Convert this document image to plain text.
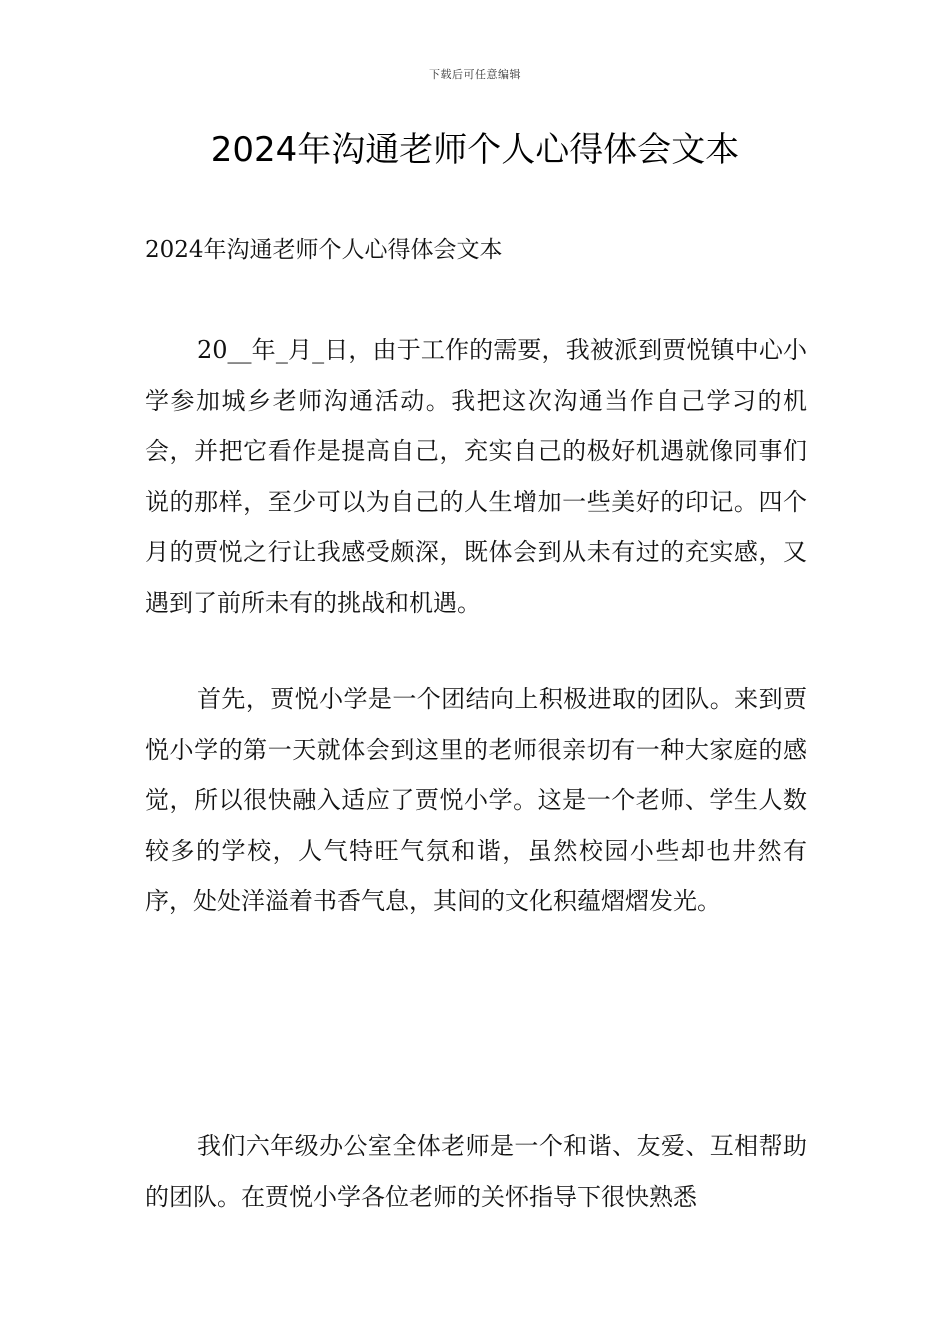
下载后可任意编辑
2024年沟通老师个人心得体会文本

2024年沟通老师个人心得体会文本

20__年_月_日，由于工作的需要，我被派到贾悦镇中心小学参加城乡老师沟通活动。我把这次沟通当作自己学习的机会，并把它看作是提高自己，充实自己的极好机遇就像同事们说的那样，至少可以为自己的人生增加一些美好的印记。四个月的贾悦之行让我感受颇深，既体会到从未有过的充实感，又遇到了前所未有的挑战和机遇。

首先，贾悦小学是一个团结向上积极进取的团队。来到贾悦小学的第一天就体会到这里的老师很亲切有一种大家庭的感觉，所以很快融入适应了贾悦小学。这是一个老师、学生人数较多的学校，人气特旺气氛和谐，虽然校园小些却也井然有序，处处洋溢着书香气息，其间的文化积蕴熠熠发光。

我们六年级办公室全体老师是一个和谐、友爱、互相帮助的团队。在贾悦小学各位老师的关怀指导下很快熟悉
